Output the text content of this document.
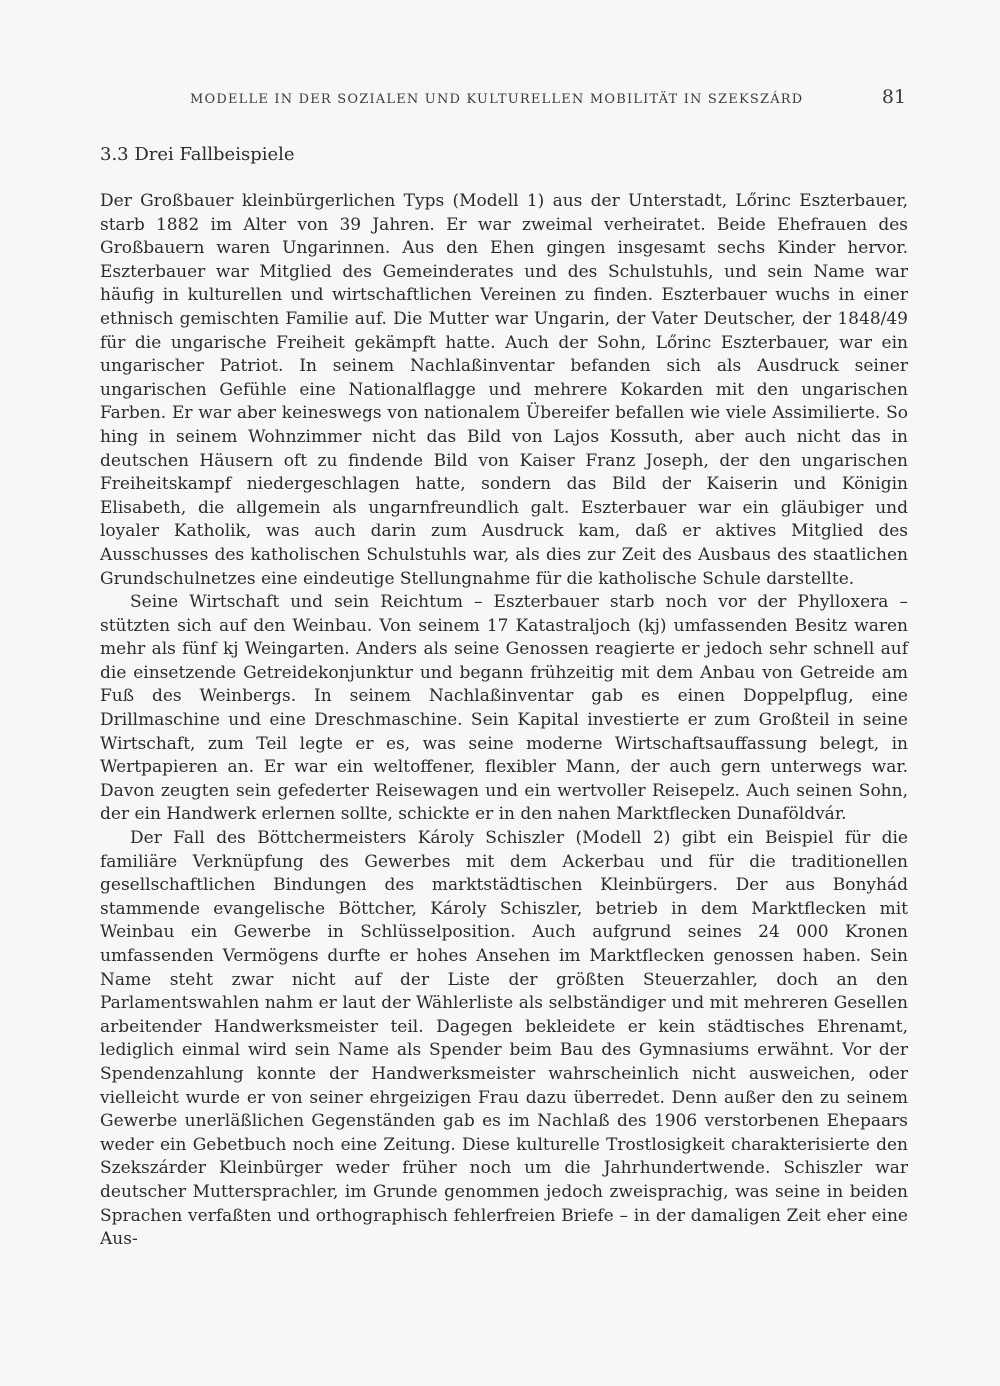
MODELLE IN DER SOZIALEN UND KULTURELLEN MOBILITÄT IN SZEKSZÁRD	81
3.3 Drei Fallbeispiele

Der Großbauer kleinbürgerlichen Typs (Modell 1) aus der Unterstadt, Lőrinc Eszterbauer, starb 1882 im Alter von 39 Jahren. Er war zweimal verheiratet. Beide Ehefrauen des Großbauern waren Ungarinnen. Aus den Ehen gingen insgesamt sechs Kinder hervor. Eszterbauer war Mitglied des Gemeinderates und des Schulstuhls, und sein Name war häufig in kulturellen und wirtschaftlichen Vereinen zu finden. Eszterbauer wuchs in einer ethnisch gemischten Familie auf. Die Mutter war Ungarin, der Vater Deutscher, der 1848/49 für die ungarische Freiheit gekämpft hatte. Auch der Sohn, Lőrinc Eszterbauer, war ein ungarischer Patriot. In seinem Nachlaßinventar befanden sich als Ausdruck seiner ungarischen Gefühle eine Nationalflagge und mehrere Kokarden mit den ungarischen Farben. Er war aber keineswegs von nationalem Übereifer befallen wie viele Assimilierte. So hing in seinem Wohnzimmer nicht das Bild von Lajos Kossuth, aber auch nicht das in deutschen Häusern oft zu findende Bild von Kaiser Franz Joseph, der den ungarischen Freiheitskampf niedergeschlagen hatte, sondern das Bild der Kaiserin und Königin Elisabeth, die allgemein als ungarnfreundlich galt. Eszterbauer war ein gläubiger und loyaler Katholik, was auch darin zum Ausdruck kam, daß er aktives Mitglied des Ausschusses des katholischen Schulstuhls war, als dies zur Zeit des Ausbaus des staatlichen Grundschulnetzes eine eindeutige Stellungnahme für die katholische Schule darstellte.

Seine Wirtschaft und sein Reichtum – Eszterbauer starb noch vor der Phylloxera – stützten sich auf den Weinbau. Von seinem 17 Katastraljoch (kj) umfassenden Besitz waren mehr als fünf kj Weingarten. Anders als seine Genossen reagierte er jedoch sehr schnell auf die einsetzende Getreidekonjunktur und begann frühzeitig mit dem Anbau von Getreide am Fuß des Weinbergs. In seinem Nachlaßinventar gab es einen Doppelpflug, eine Drillmaschine und eine Dreschmaschine. Sein Kapital investierte er zum Großteil in seine Wirtschaft, zum Teil legte er es, was seine moderne Wirtschaftsauffassung belegt, in Wertpapieren an. Er war ein weltoffener, flexibler Mann, der auch gern unterwegs war. Davon zeugten sein gefederter Reisewagen und ein wertvoller Reisepelz. Auch seinen Sohn, der ein Handwerk erlernen sollte, schickte er in den nahen Marktflecken Dunaföldvár.

Der Fall des Böttchermeisters Károly Schiszler (Modell 2) gibt ein Beispiel für die familiäre Verknüpfung des Gewerbes mit dem Ackerbau und für die traditionellen gesellschaftlichen Bindungen des marktstädtischen Kleinbürgers. Der aus Bonyhád stammende evangelische Böttcher, Károly Schiszler, betrieb in dem Marktflecken mit Weinbau ein Gewerbe in Schlüsselposition. Auch aufgrund seines 24 000 Kronen umfassenden Vermögens durfte er hohes Ansehen im Marktflecken genossen haben. Sein Name steht zwar nicht auf der Liste der größten Steuerzahler, doch an den Parlamentswahlen nahm er laut der Wählerliste als selbständiger und mit mehreren Gesellen arbeitender Handwerksmeister teil. Dagegen bekleidete er kein städtisches Ehrenamt, lediglich einmal wird sein Name als Spender beim Bau des Gymnasiums erwähnt. Vor der Spendenzahlung konnte der Handwerksmeister wahrscheinlich nicht ausweichen, oder vielleicht wurde er von seiner ehrgeizigen Frau dazu überredet. Denn außer den zu seinem Gewerbe unerläßlichen Gegenständen gab es im Nachlaß des 1906 verstorbenen Ehepaars weder ein Gebetbuch noch eine Zeitung. Diese kulturelle Trostlosigkeit charakterisierte den Szekszárder Kleinbürger weder früher noch um die Jahrhundertwende. Schiszler war deutscher Muttersprachler, im Grunde genommen jedoch zweisprachig, was seine in beiden Sprachen verfaßten und orthographisch fehlerfreien Briefe – in der damaligen Zeit eher eine Aus-
